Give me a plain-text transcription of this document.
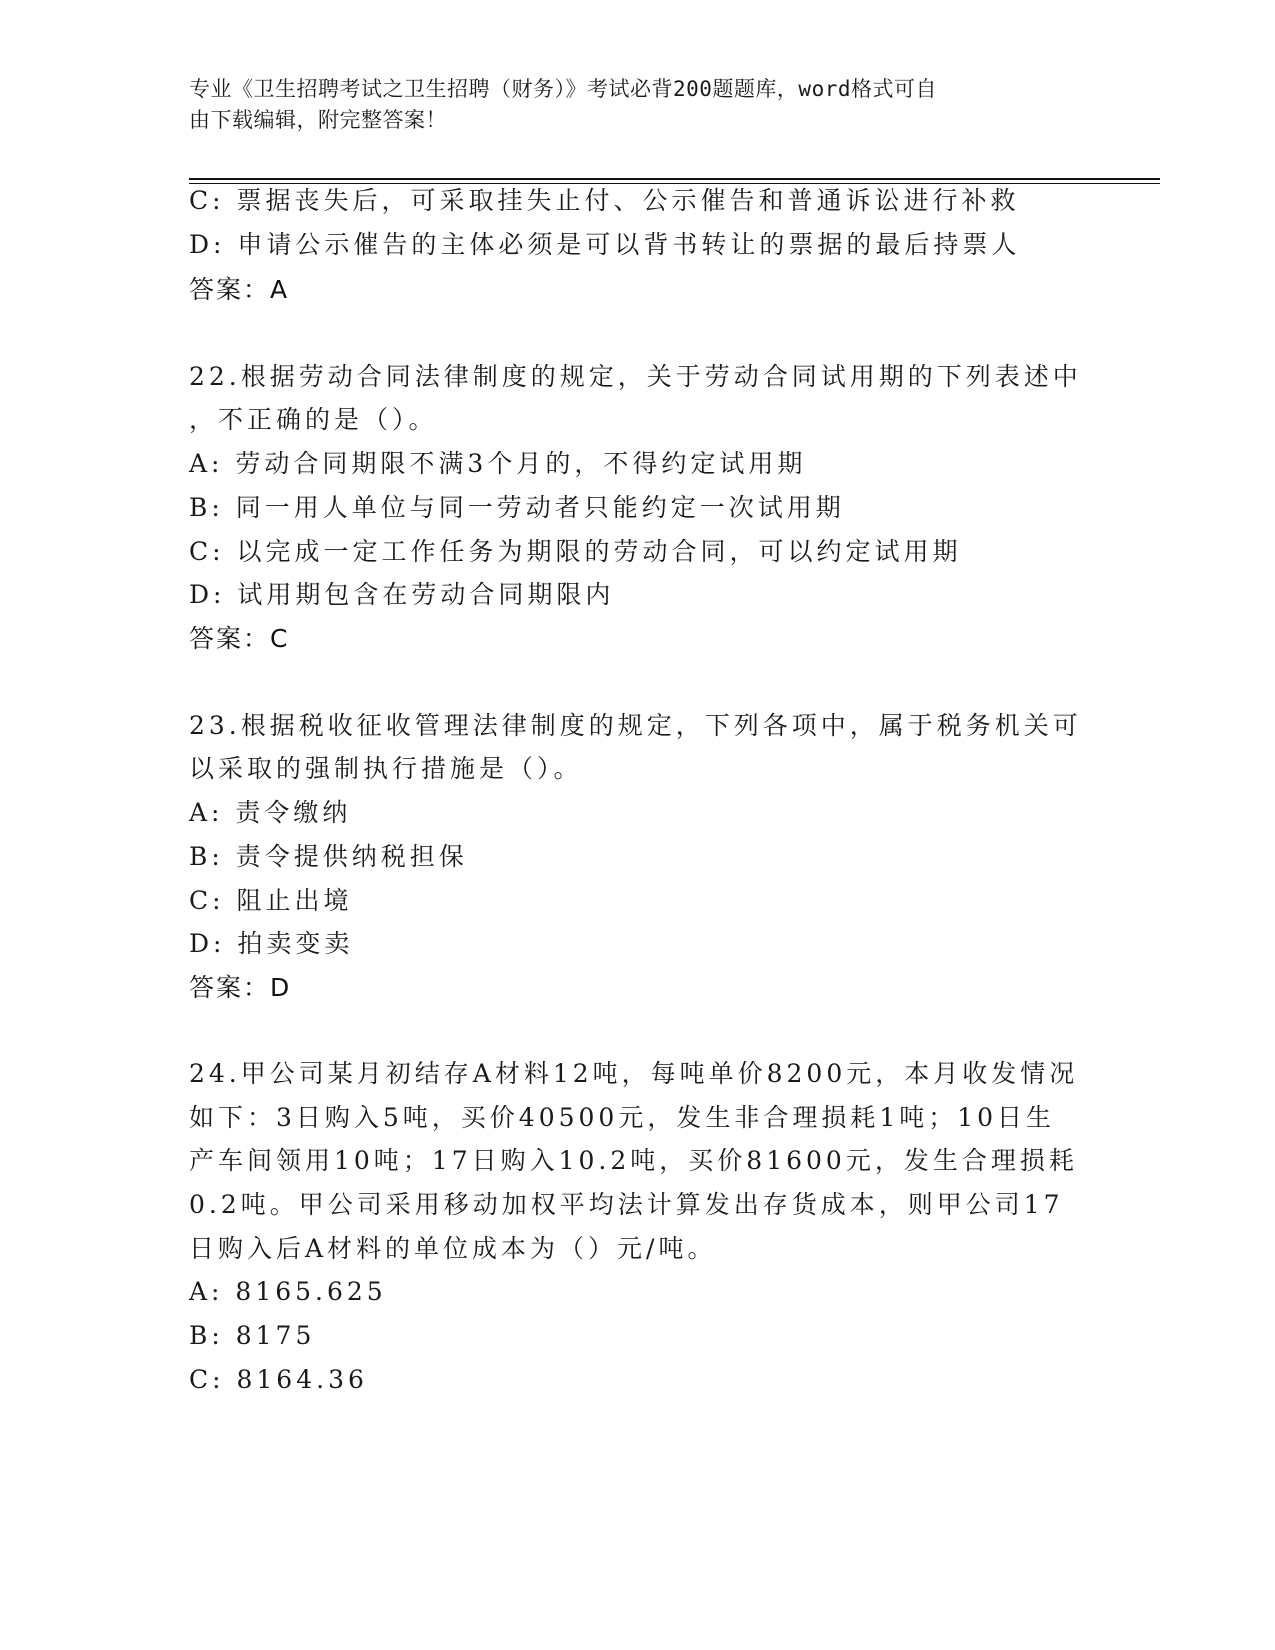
专业《卫生招聘考试之卫生招聘（财务）》考试必背200题题库，word格式可自
由下载编辑，附完整答案！
C: 票据丧失后，可采取挂失止付、公示催告和普通诉讼进行补救
D: 申请公示催告的主体必须是可以背书转让的票据的最后持票人
答案：A
22.根据劳动合同法律制度的规定，关于劳动合同试用期的下列表述中
，不正确的是（）。
A: 劳动合同期限不满3个月的，不得约定试用期
B: 同一用人单位与同一劳动者只能约定一次试用期
C: 以完成一定工作任务为期限的劳动合同，可以约定试用期
D: 试用期包含在劳动合同期限内
答案：C
23.根据税收征收管理法律制度的规定，下列各项中，属于税务机关可
以采取的强制执行措施是（）。
A: 责令缴纳
B: 责令提供纳税担保
C: 阻止出境
D: 拍卖变卖
答案：D
24.甲公司某月初结存A材料12吨，每吨单价8200元，本月收发情况
如下：3日购入5吨，买价40500元，发生非合理损耗1吨；10日生
产车间领用10吨；17日购入10.2吨，买价81600元，发生合理损耗
0.2吨。甲公司采用移动加权平均法计算发出存货成本，则甲公司17
日购入后A材料的单位成本为（）元/吨。
A: 8165.625
B: 8175
C: 8164.36
